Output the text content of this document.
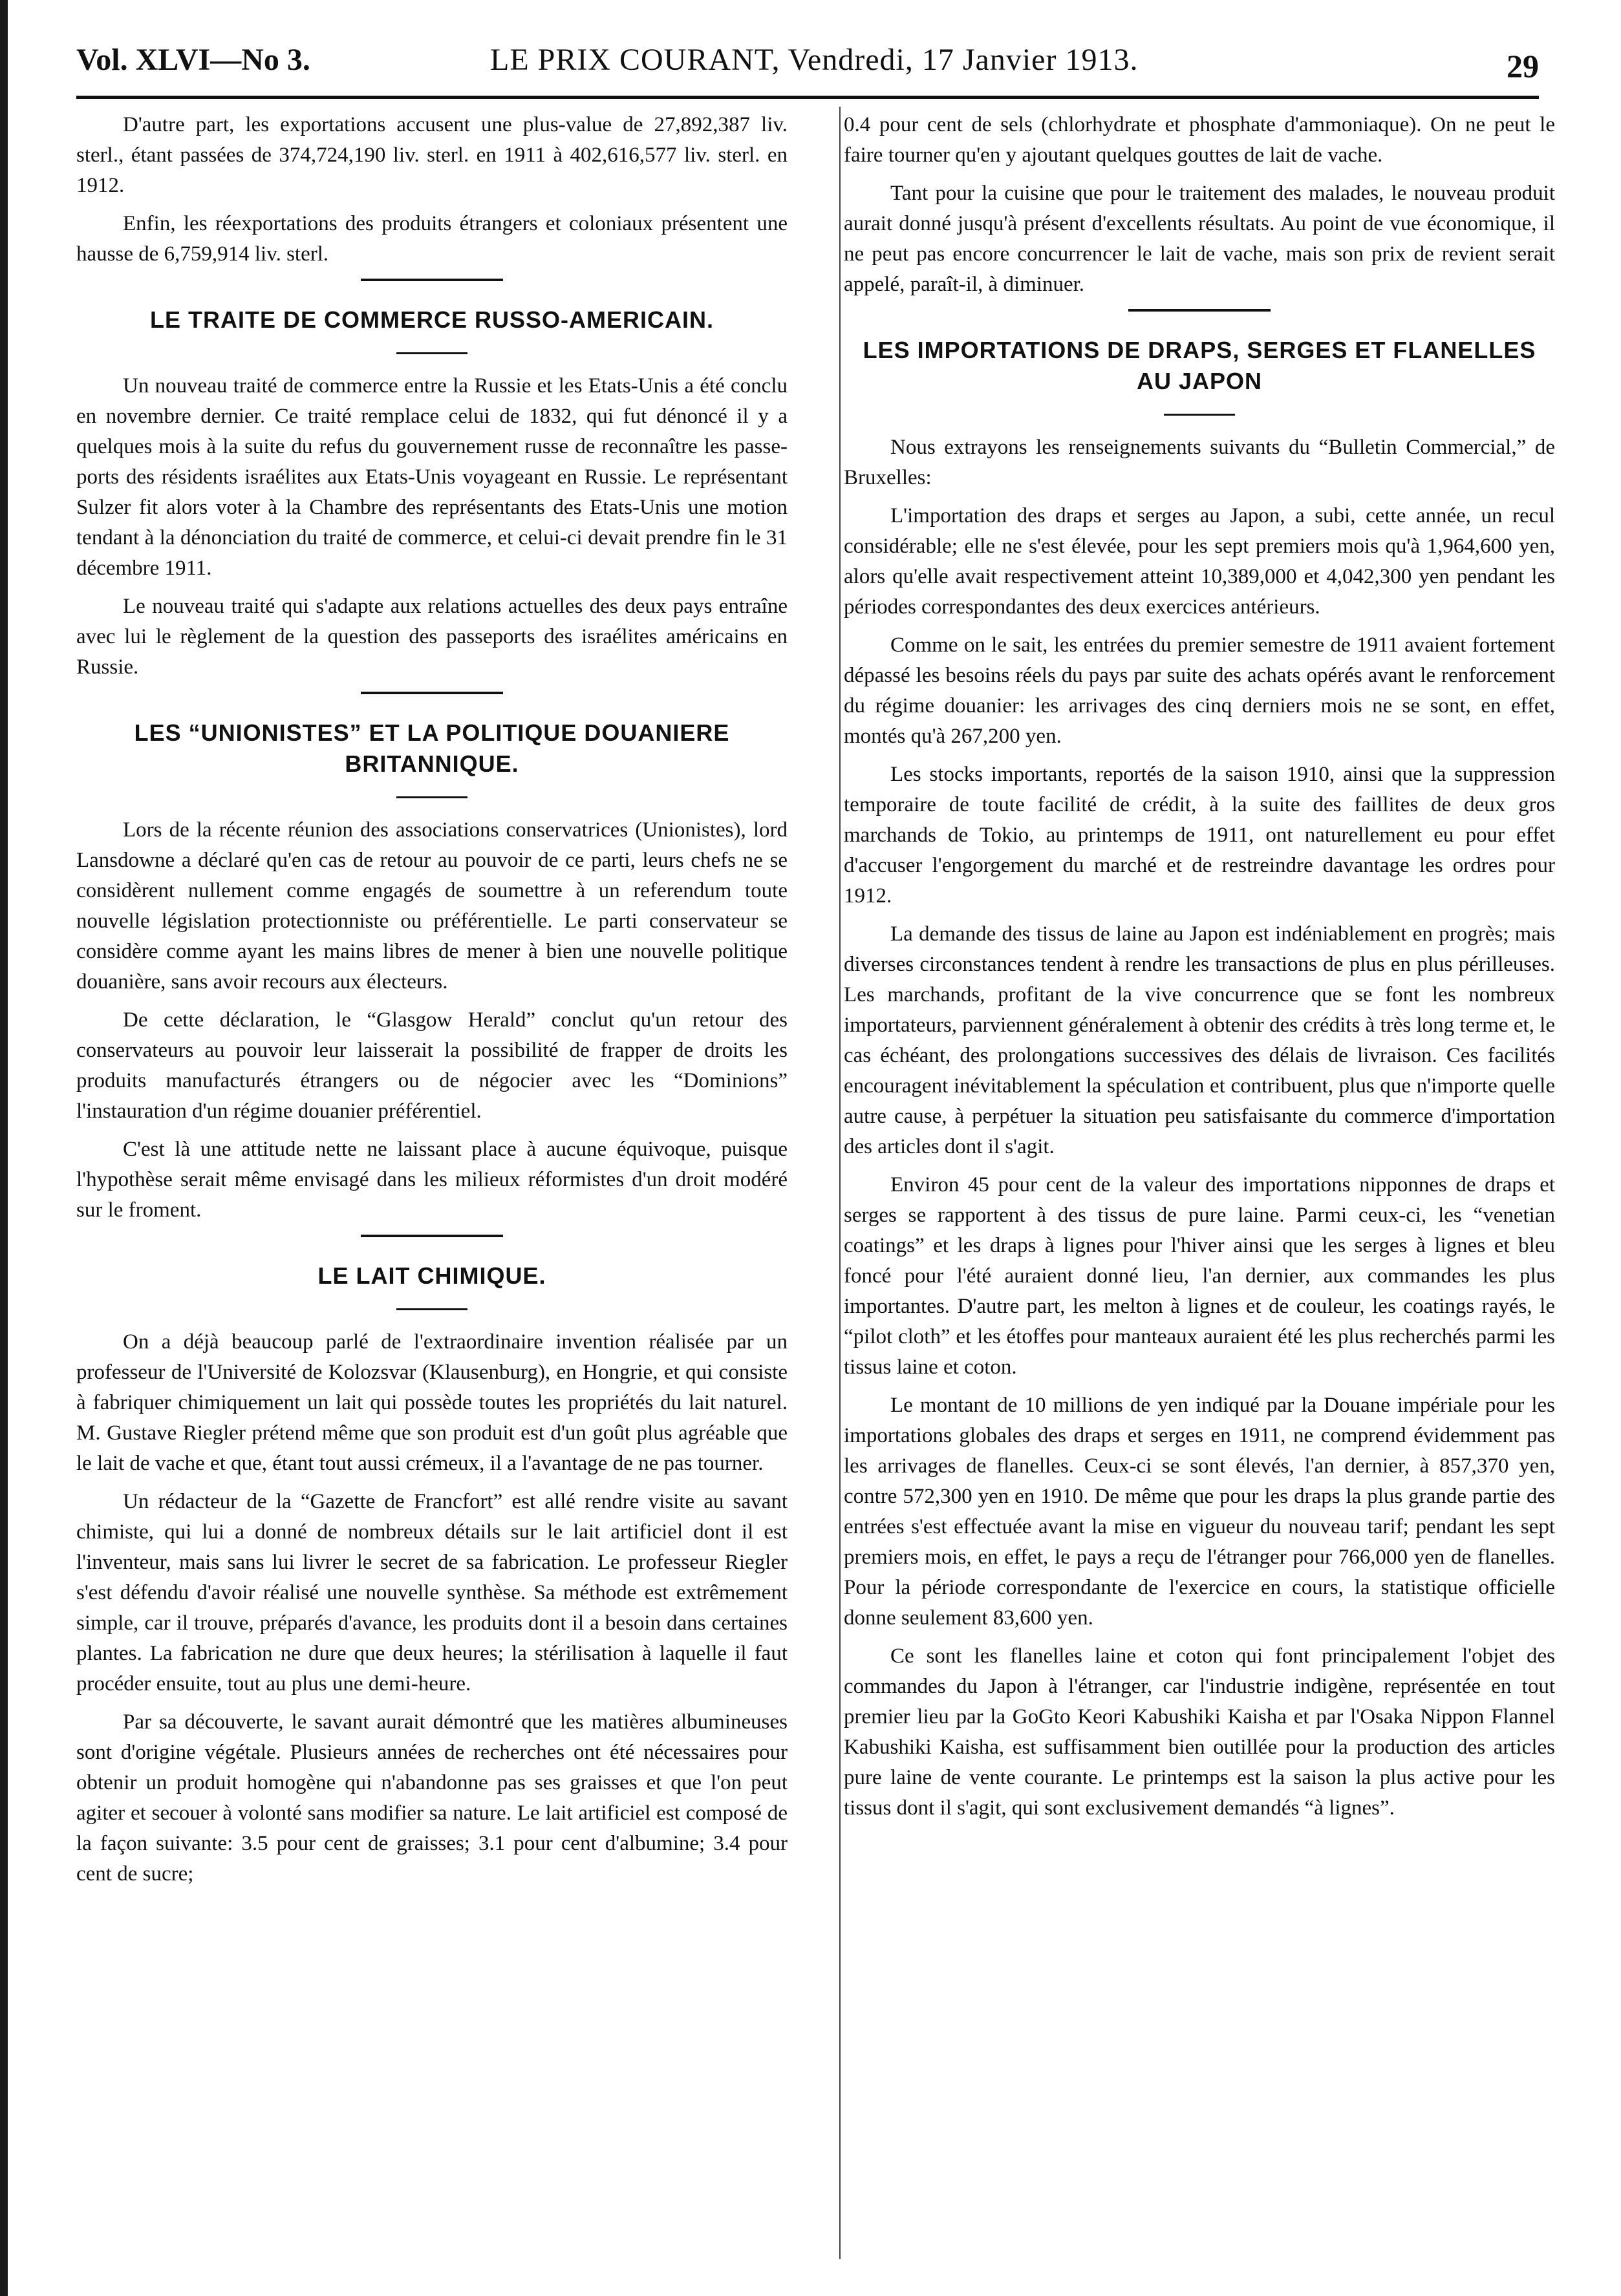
Vol. XLVI—No 3.	LE PRIX COURANT, Vendredi, 17 Janvier 1913.	29

D'autre part, les exportations accusent une plus-value de 27,892,387 liv. sterl., étant passées de 374,724,190 liv. sterl. en 1911 à 402,616,577 liv. sterl. en 1912.

Enfin, les réexportations des produits étrangers et coloniaux présentent une hausse de 6,759,914 liv. sterl.

LE TRAITE DE COMMERCE RUSSO-AMERICAIN.

Un nouveau traité de commerce entre la Russie et les Etats-Unis a été conclu en novembre dernier. Ce traité remplace celui de 1832, qui fut dénoncé il y a quelques mois à la suite du refus du gouvernement russe de reconnaître les passe-ports des résidents israélites aux Etats-Unis voyageant en Russie. Le représentant Sulzer fit alors voter à la Chambre des représentants des Etats-Unis une motion tendant à la dénonciation du traité de commerce, et celui-ci devait prendre fin le 31 décembre 1911.

Le nouveau traité qui s'adapte aux relations actuelles des deux pays entraîne avec lui le règlement de la question des passeports des israélites américains en Russie.

LES “UNIONISTES” ET LA POLITIQUE DOUANIERE BRITANNIQUE.

Lors de la récente réunion des associations conservatrices (Unionistes), lord Lansdowne a déclaré qu'en cas de retour au pouvoir de ce parti, leurs chefs ne se considèrent nullement comme engagés de soumettre à un referendum toute nouvelle législation protectionniste ou préférentielle. Le parti conservateur se considère comme ayant les mains libres de mener à bien une nouvelle politique douanière, sans avoir recours aux électeurs.

De cette déclaration, le “Glasgow Herald” conclut qu'un retour des conservateurs au pouvoir leur laisserait la possibilité de frapper de droits les produits manufacturés étrangers ou de négocier avec les “Dominions” l'instauration d'un régime douanier préférentiel.

C'est là une attitude nette ne laissant place à aucune équivoque, puisque l'hypothèse serait même envisagé dans les milieux réformistes d'un droit modéré sur le froment.

LE LAIT CHIMIQUE.

On a déjà beaucoup parlé de l'extraordinaire invention réalisée par un professeur de l'Université de Kolozsvar (Klausenburg), en Hongrie, et qui consiste à fabriquer chimiquement un lait qui possède toutes les propriétés du lait naturel. M. Gustave Riegler prétend même que son produit est d'un goût plus agréable que le lait de vache et que, étant tout aussi crémeux, il a l'avantage de ne pas tourner.

Un rédacteur de la “Gazette de Francfort” est allé rendre visite au savant chimiste, qui lui a donné de nombreux détails sur le lait artificiel dont il est l'inventeur, mais sans lui livrer le secret de sa fabrication. Le professeur Riegler s'est défendu d'avoir réalisé une nouvelle synthèse. Sa méthode est extrêmement simple, car il trouve, préparés d'avance, les produits dont il a besoin dans certaines plantes. La fabrication ne dure que deux heures; la stérilisation à laquelle il faut procéder ensuite, tout au plus une demi-heure.

Par sa découverte, le savant aurait démontré que les matières albumineuses sont d'origine végétale. Plusieurs années de recherches ont été nécessaires pour obtenir un produit homogène qui n'abandonne pas ses graisses et que l'on peut agiter et secouer à volonté sans modifier sa nature. Le lait artificiel est composé de la façon suivante: 3.5 pour cent de graisses; 3.1 pour cent d'albumine; 3.4 pour cent de sucre;

0.4 pour cent de sels (chlorhydrate et phosphate d'ammoniaque). On ne peut le faire tourner qu'en y ajoutant quelques gouttes de lait de vache.

Tant pour la cuisine que pour le traitement des malades, le nouveau produit aurait donné jusqu'à présent d'excellents résultats. Au point de vue économique, il ne peut pas encore concurrencer le lait de vache, mais son prix de revient serait appelé, paraît-il, à diminuer.

LES IMPORTATIONS DE DRAPS, SERGES ET FLANELLES AU JAPON

Nous extrayons les renseignements suivants du “Bulletin Commercial,” de Bruxelles:

L'importation des draps et serges au Japon, a subi, cette année, un recul considérable; elle ne s'est élevée, pour les sept premiers mois qu'à 1,964,600 yen, alors qu'elle avait respectivement atteint 10,389,000 et 4,042,300 yen pendant les périodes correspondantes des deux exercices antérieurs.

Comme on le sait, les entrées du premier semestre de 1911 avaient fortement dépassé les besoins réels du pays par suite des achats opérés avant le renforcement du régime douanier: les arrivages des cinq derniers mois ne se sont, en effet, montés qu'à 267,200 yen.

Les stocks importants, reportés de la saison 1910, ainsi que la suppression temporaire de toute facilité de crédit, à la suite des faillites de deux gros marchands de Tokio, au printemps de 1911, ont naturellement eu pour effet d'accuser l'engorgement du marché et de restreindre davantage les ordres pour 1912.

La demande des tissus de laine au Japon est indéniablement en progrès; mais diverses circonstances tendent à rendre les transactions de plus en plus périlleuses. Les marchands, profitant de la vive concurrence que se font les nombreux importateurs, parviennent généralement à obtenir des crédits à très long terme et, le cas échéant, des prolongations successives des délais de livraison. Ces facilités encouragent inévitablement la spéculation et contribuent, plus que n'importe quelle autre cause, à perpétuer la situation peu satisfaisante du commerce d'importation des articles dont il s'agit.

Environ 45 pour cent de la valeur des importations nipponnes de draps et serges se rapportent à des tissus de pure laine. Parmi ceux-ci, les “venetian coatings” et les draps à lignes pour l'hiver ainsi que les serges à lignes et bleu foncé pour l'été auraient donné lieu, l'an dernier, aux commandes les plus importantes. D'autre part, les melton à lignes et de couleur, les coatings rayés, le “pilot cloth” et les étoffes pour manteaux auraient été les plus recherchés parmi les tissus laine et coton.

Le montant de 10 millions de yen indiqué par la Douane impériale pour les importations globales des draps et serges en 1911, ne comprend évidemment pas les arrivages de flanelles. Ceux-ci se sont élevés, l'an dernier, à 857,370 yen, contre 572,300 yen en 1910. De même que pour les draps la plus grande partie des entrées s'est effectuée avant la mise en vigueur du nouveau tarif; pendant les sept premiers mois, en effet, le pays a reçu de l'étranger pour 766,000 yen de flanelles. Pour la période correspondante de l'exercice en cours, la statistique officielle donne seulement 83,600 yen.

Ce sont les flanelles laine et coton qui font principalement l'objet des commandes du Japon à l'étranger, car l'industrie indigène, représentée en tout premier lieu par la GoGto Keori Kabushiki Kaisha et par l'Osaka Nippon Flannel Kabushiki Kaisha, est suffisamment bien outillée pour la production des articles pure laine de vente courante. Le printemps est la saison la plus active pour les tissus dont il s'agit, qui sont exclusivement demandés “à lignes”.
